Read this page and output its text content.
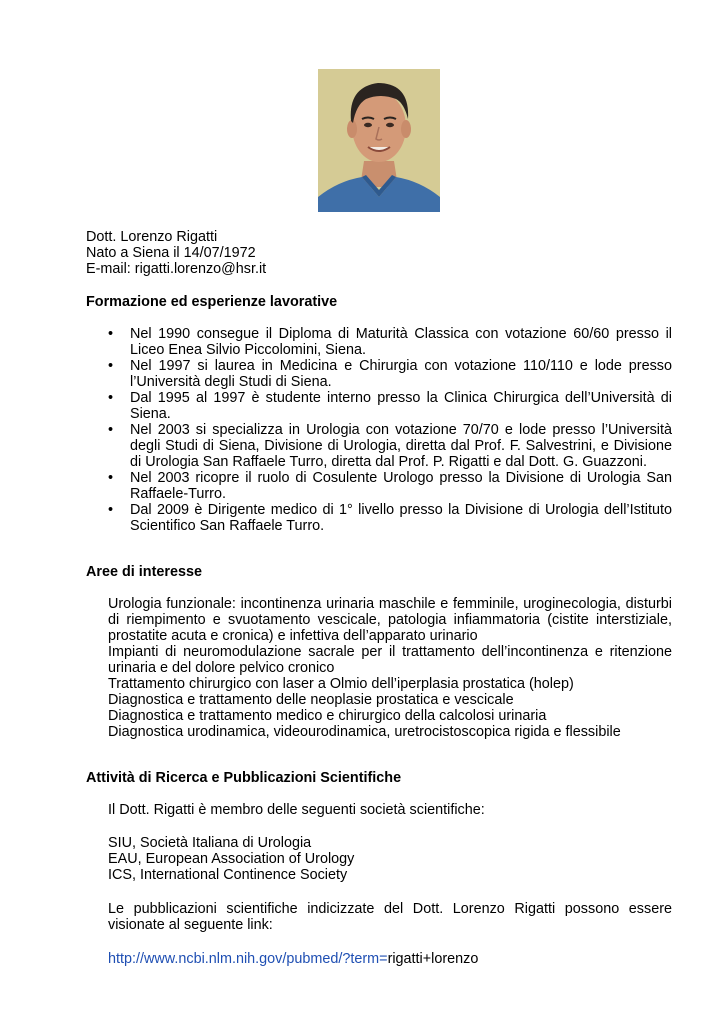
Dott. Lorenzo Rigatti
Nato a Siena il 14/07/1972
E-mail: rigatti.lorenzo@hsr.it
Formazione ed esperienze lavorative
• Nel 1990 consegue il Diploma di Maturità Classica con votazione 60/60 presso il Liceo Enea Silvio Piccolomini, Siena.
• Nel 1997 si laurea in Medicina e Chirurgia con votazione 110/110 e lode presso l’Università degli Studi di Siena.
• Dal 1995 al 1997 è studente interno presso la Clinica Chirurgica dell’Università di Siena.
• Nel 2003 si specializza in Urologia con votazione 70/70 e lode presso l’Università degli Studi di Siena, Divisione di Urologia, diretta dal Prof. F. Salvestrini, e Divisione di Urologia San Raffaele Turro, diretta dal Prof. P. Rigatti e dal Dott. G. Guazzoni.
• Nel 2003 ricopre il ruolo di Cosulente Urologo presso la Divisione di Urologia San Raffaele-Turro.
• Dal 2009 è Dirigente medico di 1° livello presso la Divisione di Urologia dell’Istituto Scientifico San Raffaele Turro.
Aree di interesse
Urologia funzionale: incontinenza urinaria maschile e femminile, uroginecologia, disturbi di riempimento e svuotamento vescicale, patologia infiammatoria (cistite interstiziale, prostatite acuta e cronica) e infettiva dell’apparato urinario
Impianti di neuromodulazione sacrale per il trattamento dell’incontinenza e ritenzione urinaria e del dolore pelvico cronico
Trattamento chirurgico con laser a Olmio dell’iperplasia prostatica (holep)
Diagnostica e trattamento delle neoplasie prostatica e vescicale
Diagnostica e trattamento medico e chirurgico della calcolosi urinaria
Diagnostica urodinamica, videourodinamica, uretrocistoscopica rigida e flessibile
Attività di Ricerca e Pubblicazioni Scientifiche
Il Dott. Rigatti è membro delle seguenti società scientifiche:
SIU, Società Italiana di Urologia
EAU, European Association of Urology
ICS, International Continence Society
Le pubblicazioni scientifiche indicizzate del Dott. Lorenzo Rigatti possono essere visionate al seguente link:
http://www.ncbi.nlm.nih.gov/pubmed/?term=rigatti+lorenzo
